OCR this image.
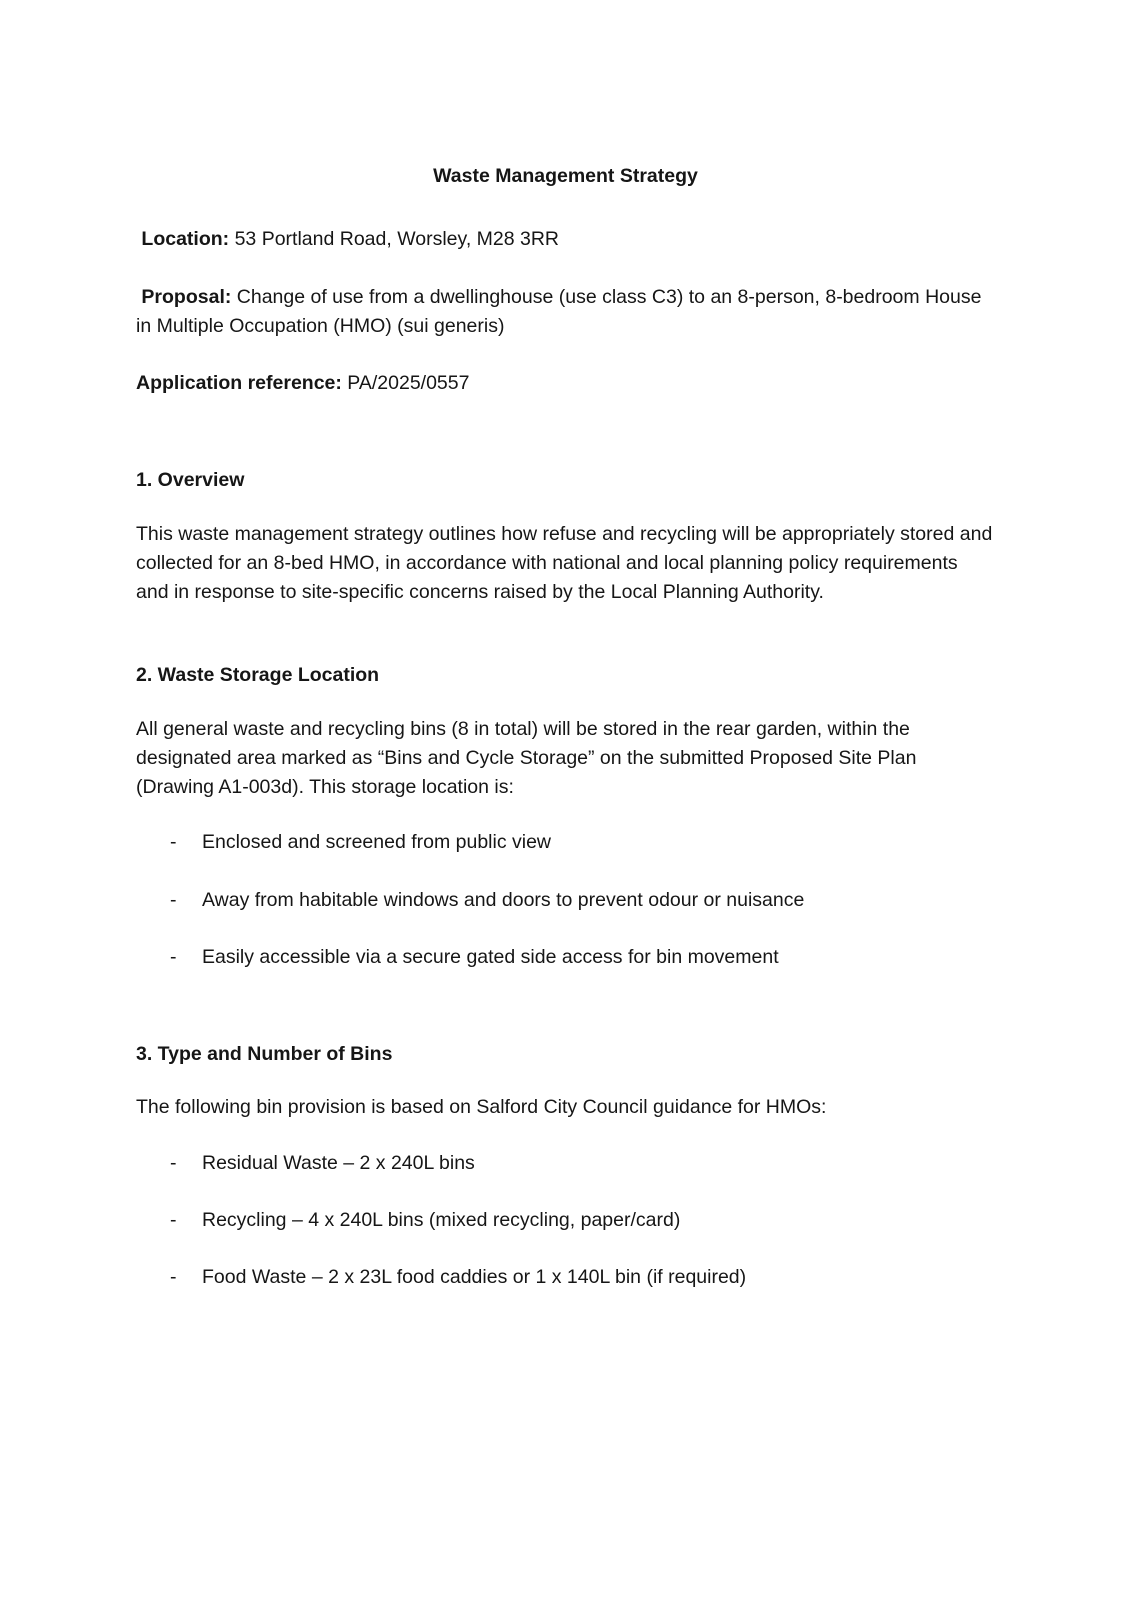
Waste Management Strategy

Location: 53 Portland Road, Worsley, M28 3RR

Proposal: Change of use from a dwellinghouse (use class C3) to an 8-person, 8-bedroom House in Multiple Occupation (HMO) (sui generis)

Application reference: PA/2025/0557

1. Overview

This waste management strategy outlines how refuse and recycling will be appropriately stored and collected for an 8-bed HMO, in accordance with national and local planning policy requirements and in response to site-specific concerns raised by the Local Planning Authority.

2. Waste Storage Location

All general waste and recycling bins (8 in total) will be stored in the rear garden, within the designated area marked as “Bins and Cycle Storage” on the submitted Proposed Site Plan (Drawing A1-003d). This storage location is:

-	Enclosed and screened from public view
-	Away from habitable windows and doors to prevent odour or nuisance
-	Easily accessible via a secure gated side access for bin movement
3. Type and Number of Bins

The following bin provision is based on Salford City Council guidance for HMOs:

-	Residual Waste – 2 x 240L bins
-	Recycling – 4 x 240L bins (mixed recycling, paper/card)
-	Food Waste – 2 x 23L food caddies or 1 x 140L bin (if required)
